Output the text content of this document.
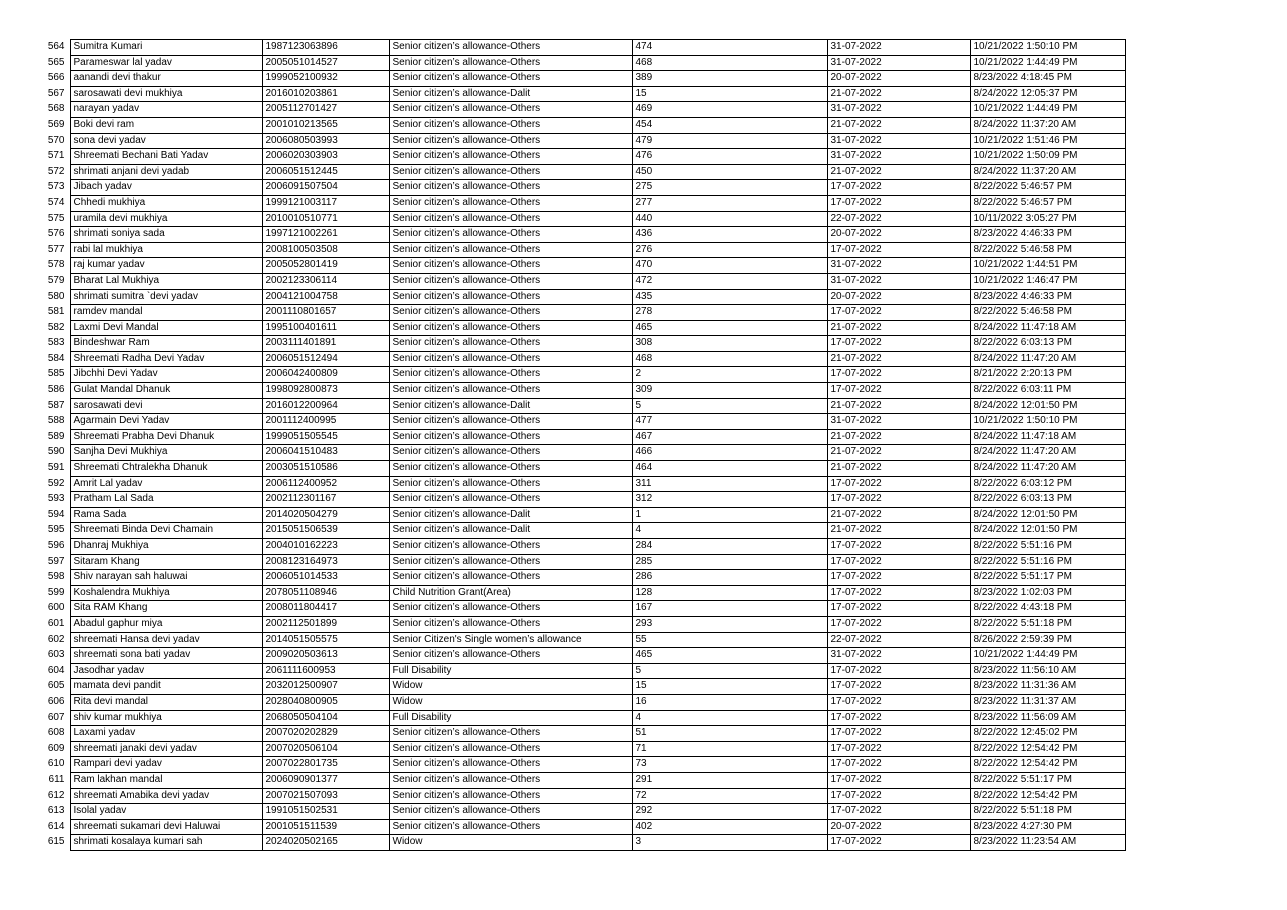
564	Sumitra Kumari	1987123063896	Senior citizen’s allowance-Others	474	31-07-2022	10/21/2022 1:50:10 PM
565	Parameswar lal yadav	2005051014527	Senior citizen’s allowance-Others	468	31-07-2022	10/21/2022 1:44:49 PM
566	aanandi devi thakur	1999052100932	Senior citizen’s allowance-Others	389	20-07-2022	8/23/2022 4:18:45 PM
567	sarosawati devi mukhiya	2016010203861	Senior citizen’s allowance-Dalit	15	21-07-2022	8/24/2022 12:05:37 PM
568	narayan yadav	2005112701427	Senior citizen’s allowance-Others	469	31-07-2022	10/21/2022 1:44:49 PM
569	Boki devi ram	2001010213565	Senior citizen’s allowance-Others	454	21-07-2022	8/24/2022 11:37:20 AM
570	sona devi yadav	2006080503993	Senior citizen’s allowance-Others	479	31-07-2022	10/21/2022 1:51:46 PM
571	Shreemati Bechani Bati Yadav	2006020303903	Senior citizen’s allowance-Others	476	31-07-2022	10/21/2022 1:50:09 PM
572	shrimati anjani devi yadab	2006051512445	Senior citizen’s allowance-Others	450	21-07-2022	8/24/2022 11:37:20 AM
573	Jibach yadav	2006091507504	Senior citizen’s allowance-Others	275	17-07-2022	8/22/2022 5:46:57 PM
574	Chhedi mukhiya	1999121003117	Senior citizen’s allowance-Others	277	17-07-2022	8/22/2022 5:46:57 PM
575	uramila devi mukhiya	2010010510771	Senior citizen’s allowance-Others	440	22-07-2022	10/11/2022 3:05:27 PM
576	shrimati soniya sada	1997121002261	Senior citizen’s allowance-Others	436	20-07-2022	8/23/2022 4:46:33 PM
577	rabi lal mukhiya	2008100503508	Senior citizen’s allowance-Others	276	17-07-2022	8/22/2022 5:46:58 PM
578	raj kumar yadav	2005052801419	Senior citizen’s allowance-Others	470	31-07-2022	10/21/2022 1:44:51 PM
579	Bharat Lal Mukhiya	2002123306114	Senior citizen’s allowance-Others	472	31-07-2022	10/21/2022 1:46:47 PM
580	shrimati sumitra `devi yadav	2004121004758	Senior citizen’s allowance-Others	435	20-07-2022	8/23/2022 4:46:33 PM
581	ramdev mandal	2001110801657	Senior citizen’s allowance-Others	278	17-07-2022	8/22/2022 5:46:58 PM
582	Laxmi Devi Mandal	1995100401611	Senior citizen’s allowance-Others	465	21-07-2022	8/24/2022 11:47:18 AM
583	Bindeshwar Ram	2003111401891	Senior citizen’s allowance-Others	308	17-07-2022	8/22/2022 6:03:13 PM
584	Shreemati Radha Devi Yadav	2006051512494	Senior citizen’s allowance-Others	468	21-07-2022	8/24/2022 11:47:20 AM
585	Jibchhi Devi Yadav	2006042400809	Senior citizen’s allowance-Others	2	17-07-2022	8/21/2022 2:20:13 PM
586	Gulat Mandal Dhanuk	1998092800873	Senior citizen’s allowance-Others	309	17-07-2022	8/22/2022 6:03:11 PM
587	sarosawati devi	2016012200964	Senior citizen’s allowance-Dalit	5	21-07-2022	8/24/2022 12:01:50 PM
588	Agarmain Devi Yadav	2001112400995	Senior citizen’s allowance-Others	477	31-07-2022	10/21/2022 1:50:10 PM
589	Shreemati Prabha Devi Dhanuk	1999051505545	Senior citizen’s allowance-Others	467	21-07-2022	8/24/2022 11:47:18 AM
590	Sanjha Devi Mukhiya	2006041510483	Senior citizen’s allowance-Others	466	21-07-2022	8/24/2022 11:47:20 AM
591	Shreemati Chtralekha Dhanuk	2003051510586	Senior citizen’s allowance-Others	464	21-07-2022	8/24/2022 11:47:20 AM
592	Amrit Lal yadav	2006112400952	Senior citizen’s allowance-Others	311	17-07-2022	8/22/2022 6:03:12 PM
593	Pratham Lal Sada	2002112301167	Senior citizen’s allowance-Others	312	17-07-2022	8/22/2022 6:03:13 PM
594	Rama Sada	2014020504279	Senior citizen’s allowance-Dalit	1	21-07-2022	8/24/2022 12:01:50 PM
595	Shreemati Binda Devi Chamain	2015051506539	Senior citizen’s allowance-Dalit	4	21-07-2022	8/24/2022 12:01:50 PM
596	Dhanraj Mukhiya	2004010162223	Senior citizen’s allowance-Others	284	17-07-2022	8/22/2022 5:51:16 PM
597	Sitaram Khang	2008123164973	Senior citizen’s allowance-Others	285	17-07-2022	8/22/2022 5:51:16 PM
598	Shiv narayan sah haluwai	2006051014533	Senior citizen’s allowance-Others	286	17-07-2022	8/22/2022 5:51:17 PM
599	Koshalendra Mukhiya	2078051108946	Child Nutrition Grant(Area)	128	17-07-2022	8/23/2022 1:02:03 PM
600	Sita RAM Khang	2008011804417	Senior citizen’s allowance-Others	167	17-07-2022	8/22/2022 4:43:18 PM
601	Abadul gaphur miya	2002112501899	Senior citizen’s allowance-Others	293	17-07-2022	8/22/2022 5:51:18 PM
602	shreemati Hansa devi yadav	2014051505575	Senior Citizen's Single women’s allowance	55	22-07-2022	8/26/2022 2:59:39 PM
603	shreemati sona bati yadav	2009020503613	Senior citizen’s allowance-Others	465	31-07-2022	10/21/2022 1:44:49 PM
604	Jasodhar yadav	2061111600953	Full Disability	5	17-07-2022	8/23/2022 11:56:10 AM
605	mamata devi pandit	2032012500907	Widow	15	17-07-2022	8/23/2022 11:31:36 AM
606	Rita devi mandal	2028040800905	Widow	16	17-07-2022	8/23/2022 11:31:37 AM
607	shiv kumar mukhiya	2068050504104	Full Disability	4	17-07-2022	8/23/2022 11:56:09 AM
608	Laxami yadav	2007020202829	Senior citizen’s allowance-Others	51	17-07-2022	8/22/2022 12:45:02 PM
609	shreemati janaki devi yadav	2007020506104	Senior citizen’s allowance-Others	71	17-07-2022	8/22/2022 12:54:42 PM
610	Rampari devi yadav	2007022801735	Senior citizen’s allowance-Others	73	17-07-2022	8/22/2022 12:54:42 PM
611	Ram lakhan mandal	2006090901377	Senior citizen’s allowance-Others	291	17-07-2022	8/22/2022 5:51:17 PM
612	shreemati Amabika devi yadav	2007021507093	Senior citizen’s allowance-Others	72	17-07-2022	8/22/2022 12:54:42 PM
613	Isolal yadav	1991051502531	Senior citizen’s allowance-Others	292	17-07-2022	8/22/2022 5:51:18 PM
614	shreemati sukamari devi Haluwai	2001051511539	Senior citizen’s allowance-Others	402	20-07-2022	8/23/2022 4:27:30 PM
615	shrimati kosalaya kumari sah	2024020502165	Widow	3	17-07-2022	8/23/2022 11:23:54 AM
